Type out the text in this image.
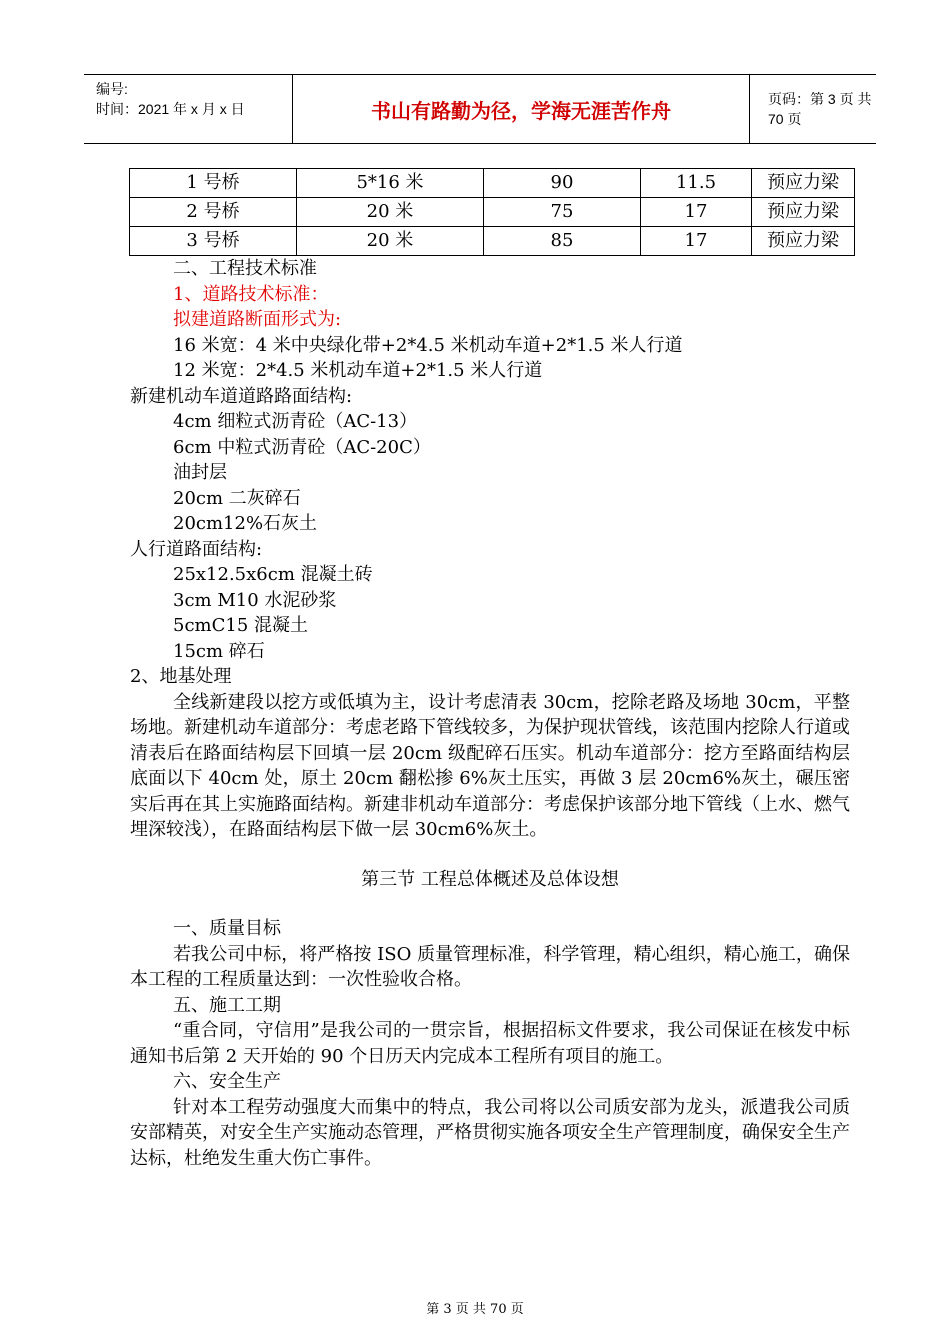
编号:
时间：2021 年 x 月 x 日	书山有路勤为径，学海无涯苦作舟	页码：第 3 页 共 70 页
1 号桥	5*16 米	90	11.5	预应力梁
2 号桥	20 米	75	17	预应力梁
3 号桥	20 米	85	17	预应力梁

二、工程技术标准

1、道路技术标准：

拟建道路断面形式为:

16 米宽：4 米中央绿化带+2*4.5 米机动车道+2*1.5 米人行道

12 米宽：2*4.5 米机动车道+2*1.5 米人行道

新建机动车道道路路面结构:

4cm 细粒式沥青砼（AC-13）

6cm 中粒式沥青砼（AC-20C）

油封层

20cm 二灰碎石

20cm12%石灰土

人行道路面结构:

25x12.5x6cm 混凝土砖

3cm M10 水泥砂浆

5cmC15 混凝土

15cm 碎石

2、地基处理

全线新建段以挖方或低填为主，设计考虑清表 30cm，挖除老路及场地 30cm，平整场地。新建机动车道部分：考虑老路下管线较多，为保护现状管线，该范围内挖除人行道或清表后在路面结构层下回填一层 20cm 级配碎石压实。机动车道部分：挖方至路面结构层底面以下 40cm 处，原土 20cm 翻松掺 6%灰土压实，再做 3 层 20cm6%灰土，碾压密实后再在其上实施路面结构。新建非机动车道部分：考虑保护该部分地下管线（上水、燃气埋深较浅），在路面结构层下做一层 30cm6%灰土。

第三节 工程总体概述及总体设想

一、质量目标

若我公司中标，将严格按 ISO 质量管理标准，科学管理，精心组织，精心施工，确保本工程的工程质量达到：一次性验收合格。

五、施工工期

“重合同，守信用”是我公司的一贯宗旨，根据招标文件要求，我公司保证在核发中标通知书后第 2 天开始的 90 个日历天内完成本工程所有项目的施工。

六、安全生产

针对本工程劳动强度大而集中的特点，我公司将以公司质安部为龙头，派遣我公司质安部精英，对安全生产实施动态管理，严格贯彻实施各项安全生产管理制度，确保安全生产达标，杜绝发生重大伤亡事件。

第 3 页 共 70 页
